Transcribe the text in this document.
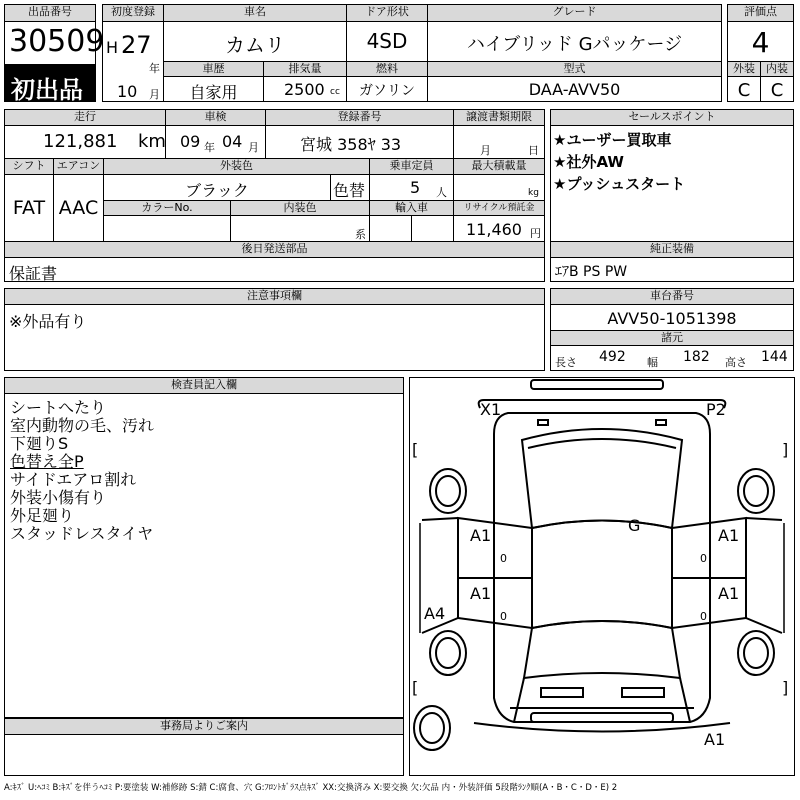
出品番号
30509
初出品
初度登録
H 27
年
10 月
車名
カムリ
ドア形状
4SD
グレード
ハイブリッド Gパッケージ
車歴
自家用
排気量
2500 cc
燃料
ガソリン
型式
DAA-AVV50
評価点
4
外装	内装
C	C
走行
121,881 km
車検
09 年 04 月
登録番号
宮城 358ﾔ 33
譲渡書類期限
月	日
セールスポイント
★ユーザー買取車
★社外AW
★プッシュスタート
シフト
FAT
エアコン
AAC
外装色
ブラック	色替
乗車定員
5 人
最大積載量
kg
カラーNo.	内装色
系
輸入車	リサイクル預託金
11,460 円
後日発送部品
保証書
純正装備
ｴｱB PS PW
注意事項欄
※外品有り
車台番号
AVV50-1051398
諸元
長さ 492 幅 182 高さ 144
検査員記入欄
シートへたり
室内動物の毛、汚れ
下廻りS
色替え全P
サイドエアロ割れ
外装小傷有り
外足廻り
スタッドレスタイヤ
事務局よりご案内
[	]
[	]
X1	P2
G
A1	A1
A1	A1
A4
A1
0	0
0	0
A:ｷｽﾞ U:ﾍｺﾐ B:ｷｽﾞを伴うﾍｺﾐ P:要塗装 W:補修跡 S:錆 C:腐食、穴 G:ﾌﾛﾝﾄｶﾞﾗｽ点ｷｽﾞ XX:交換済み X:要交換 欠:欠品 内・外装評価 5段階ﾗﾝｸ順(A・B・C・D・E) 2
